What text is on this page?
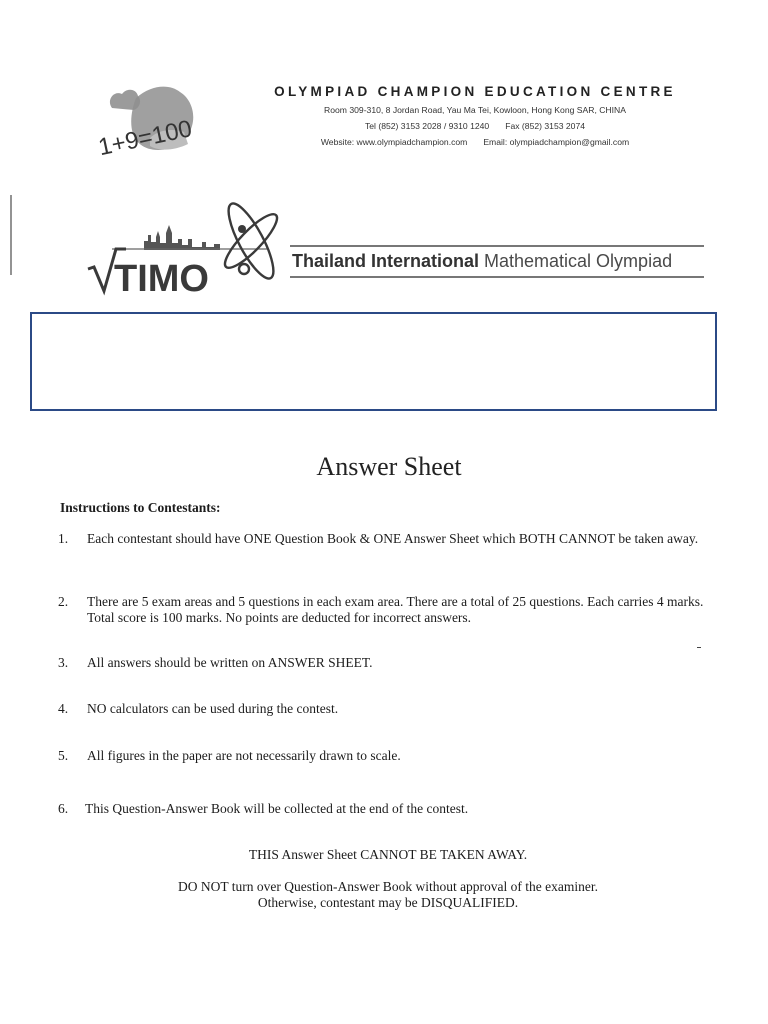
1+9=100
OLYMPIAD CHAMPION EDUCATION CENTRE
Room 309-310, 8 Jordan Road, Yau Ma Tei, Kowloon, Hong Kong SAR, CHINA
Tel (852) 3153 2028 / 9310 1240 Fax (852) 3153 2074
Website: www.olympiadchampion.com Email: olympiadchampion@gmail.com
TIMO	Thailand International Mathematical Olympiad
Answer Sheet
Instructions to Contestants:
1.	Each contestant should have ONE Question Book & ONE Answer Sheet which BOTH CANNOT be taken away.
2.	There are 5 exam areas and 5 questions in each exam area. There are a total of 25 questions. Each carries 4 marks. Total score is 100 marks. No points are deducted for incorrect answers.
3.	All answers should be written on ANSWER SHEET.
4.	NO calculators can be used during the contest.
5.	All figures in the paper are not necessarily drawn to scale.
6.	This Question-Answer Book will be collected at the end of the contest.
THIS Answer Sheet CANNOT BE TAKEN AWAY.
DO NOT turn over Question-Answer Book without approval of the examiner.
Otherwise, contestant may be DISQUALIFIED.
